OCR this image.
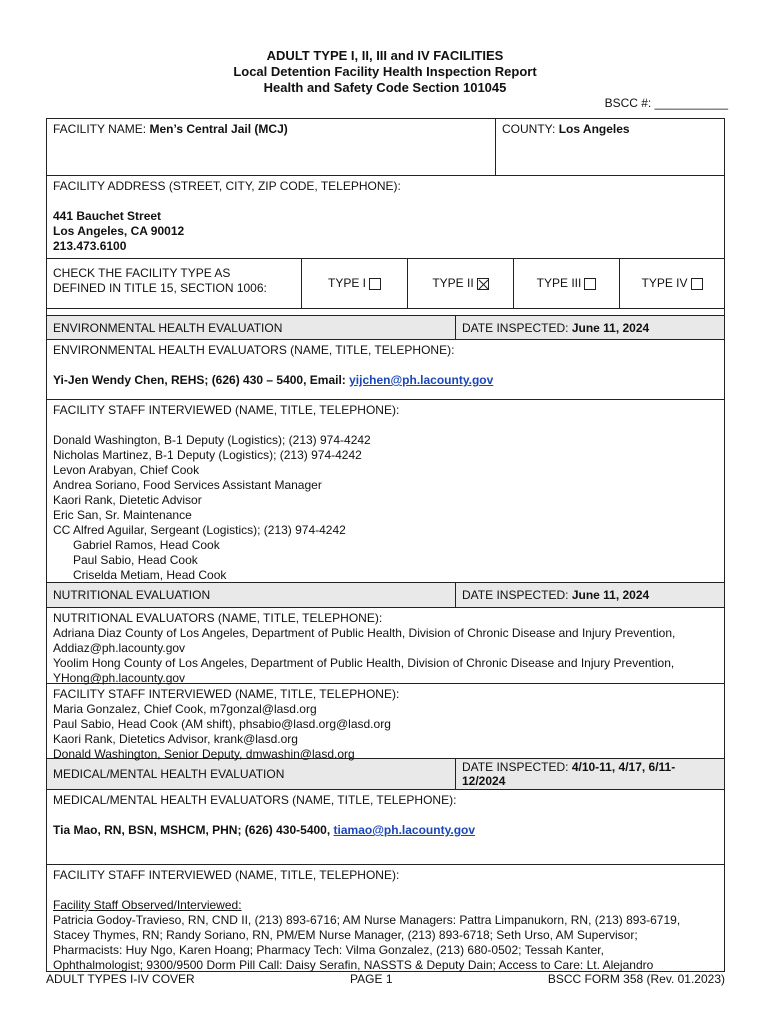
ADULT TYPE I, II, III and IV FACILITIES
Local Detention Facility Health Inspection Report
Health and Safety Code Section 101045
BSCC #: ___________
FACILITY NAME: Men’s Central Jail (MCJ)	COUNTY: Los Angeles
FACILITY ADDRESS (STREET, CITY, ZIP CODE, TELEPHONE):
441 Bauchet Street
Los Angeles, CA 90012
213.473.6100
CHECK THE FACILITY TYPE AS
DEFINED IN TITLE 15, SECTION 1006:	TYPE I	TYPE II	TYPE III	TYPE IV
ENVIRONMENTAL HEALTH EVALUATION	DATE INSPECTED: June 11, 2024
ENVIRONMENTAL HEALTH EVALUATORS (NAME, TITLE, TELEPHONE):
Yi-Jen Wendy Chen, REHS; (626) 430 – 5400, Email: yijchen@ph.lacounty.gov
FACILITY STAFF INTERVIEWED (NAME, TITLE, TELEPHONE):
Donald Washington, B-1 Deputy (Logistics); (213) 974-4242
Nicholas Martinez, B-1 Deputy (Logistics); (213) 974-4242
Levon Arabyan, Chief Cook
Andrea Soriano, Food Services Assistant Manager
Kaori Rank, Dietetic Advisor
Eric San, Sr. Maintenance
CC Alfred Aguilar, Sergeant (Logistics); (213) 974-4242
Gabriel Ramos, Head Cook
Paul Sabio, Head Cook
Criselda Metiam, Head Cook
NUTRITIONAL EVALUATION	DATE INSPECTED: June 11, 2024
NUTRITIONAL EVALUATORS (NAME, TITLE, TELEPHONE):
Adriana Diaz County of Los Angeles, Department of Public Health, Division of Chronic Disease and Injury Prevention,
Addiaz@ph.lacounty.gov
Yoolim Hong County of Los Angeles, Department of Public Health, Division of Chronic Disease and Injury Prevention,
YHong@ph.lacounty.gov
FACILITY STAFF INTERVIEWED (NAME, TITLE, TELEPHONE):
Maria Gonzalez, Chief Cook, m7gonzal@lasd.org
Paul Sabio, Head Cook (AM shift), phsabio@lasd.org@lasd.org
Kaori Rank, Dietetics Advisor, krank@lasd.org
Donald Washington, Senior Deputy, dmwashin@lasd.org
MEDICAL/MENTAL HEALTH EVALUATION	DATE INSPECTED: 4/10-11, 4/17, 6/11-
12/2024
MEDICAL/MENTAL HEALTH EVALUATORS (NAME, TITLE, TELEPHONE):
Tia Mao, RN, BSN, MSHCM, PHN; (626) 430-5400, tiamao@ph.lacounty.gov
FACILITY STAFF INTERVIEWED (NAME, TITLE, TELEPHONE):
Facility Staff Observed/Interviewed:
Patricia Godoy-Travieso, RN, CND II, (213) 893-6716; AM Nurse Managers: Pattra Limpanukorn, RN, (213) 893-6719,
Stacey Thymes, RN; Randy Soriano, RN, PM/EM Nurse Manager, (213) 893-6718; Seth Urso, AM Supervisor;
Pharmacists: Huy Ngo, Karen Hoang; Pharmacy Tech: Vilma Gonzalez, (213) 680-0502; Tessah Kanter,
Ophthalmologist; 9300/9500 Dorm Pill Call: Daisy Serafin, NASSTS & Deputy Dain; Access to Care: Lt. Alejandro
ADULT TYPES I-IV COVER	PAGE 1	BSCC FORM 358 (Rev. 01.2023)
